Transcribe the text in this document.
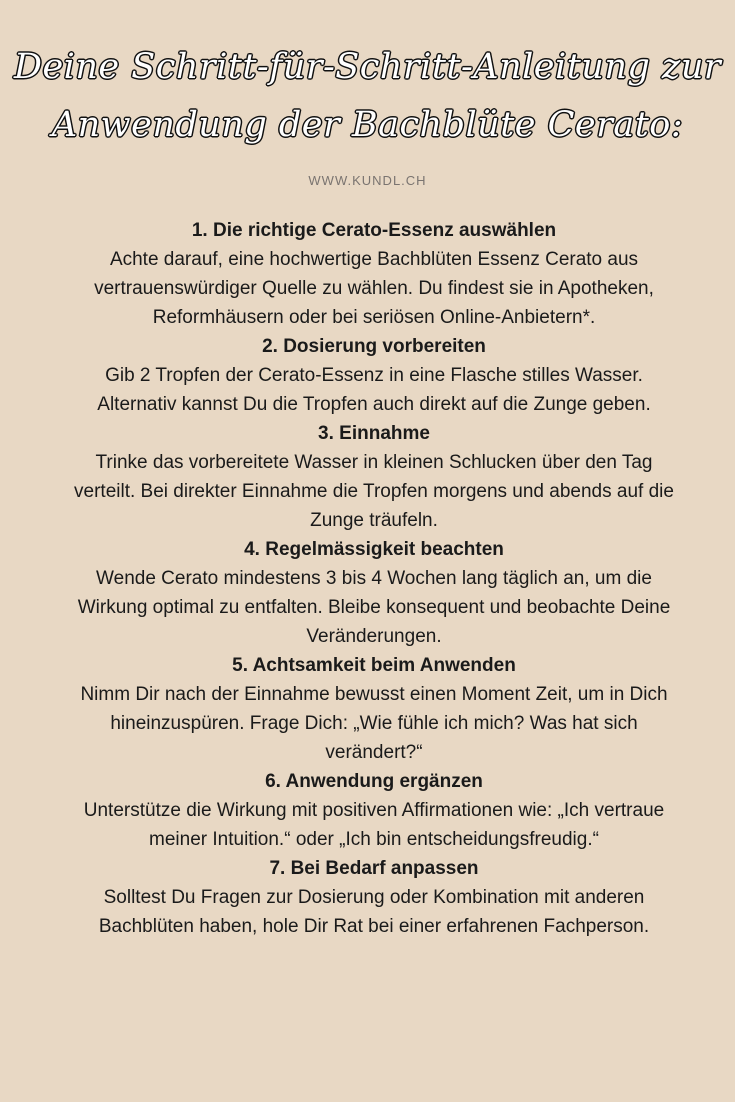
Deine Schritt-für-Schritt-Anleitung zur
Anwendung der Bachblüte Cerato:
WWW.KUNDL.CH
1. Die richtige Cerato-Essenz auswählen

Achte darauf, eine hochwertige Bachblüten Essenz Cerato aus vertrauenswürdiger Quelle zu wählen. Du findest sie in Apotheken, Reformhäusern oder bei seriösen Online-Anbietern*.

2. Dosierung vorbereiten

Gib 2 Tropfen der Cerato-Essenz in eine Flasche stilles Wasser. Alternativ kannst Du die Tropfen auch direkt auf die Zunge geben.

3. Einnahme

Trinke das vorbereitete Wasser in kleinen Schlucken über den Tag verteilt. Bei direkter Einnahme die Tropfen morgens und abends auf die Zunge träufeln.

4. Regelmässigkeit beachten

Wende Cerato mindestens 3 bis 4 Wochen lang täglich an, um die Wirkung optimal zu entfalten. Bleibe konsequent und beobachte Deine Veränderungen.

5. Achtsamkeit beim Anwenden

Nimm Dir nach der Einnahme bewusst einen Moment Zeit, um in Dich hineinzuspüren. Frage Dich: „Wie fühle ich mich? Was hat sich verändert?“

6. Anwendung ergänzen

Unterstütze die Wirkung mit positiven Affirmationen wie: „Ich vertraue meiner Intuition.“ oder „Ich bin entscheidungsfreudig.“

7. Bei Bedarf anpassen

Solltest Du Fragen zur Dosierung oder Kombination mit anderen Bachblüten haben, hole Dir Rat bei einer erfahrenen Fachperson.
